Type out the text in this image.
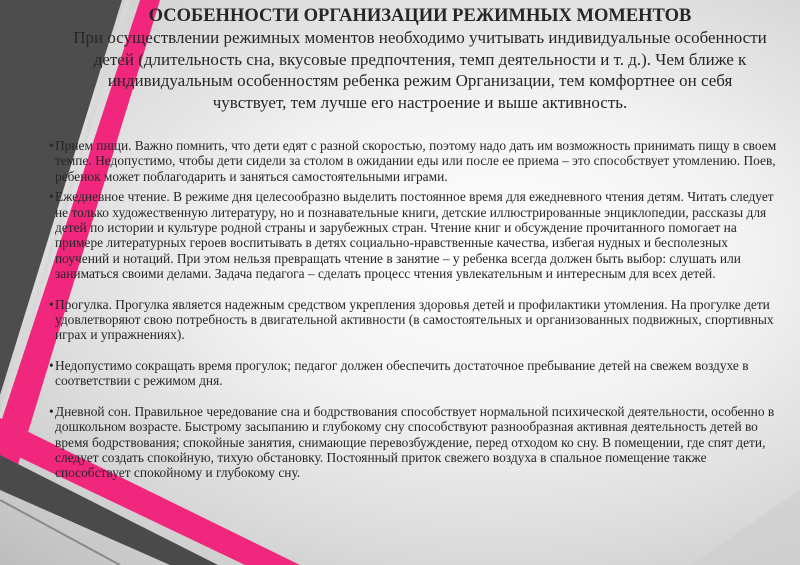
ОСОБЕННОСТИ ОРГАНИЗАЦИИ РЕЖИМНЫХ МОМЕНТОВ
При осуществлении режимных моментов необходимо учитывать индивидуальные особенности детей (длительность сна, вкусовые предпочтения, темп деятельности и т. д.). Чем ближе к индивидуальным особенностям ребенка режим Организации, тем комфортнее он себя чувствует, тем лучше его настроение и выше активность.
•Прием пищи. Важно помнить, что дети едят с разной скоростью, поэтому надо дать им возможность принимать пищу в своем темпе. Недопустимо, чтобы дети сидели за столом в ожидании еды или после ее приема – это способствует утомлению. Поев, ребенок может поблагодарить и заняться самостоятельными играми.
•Ежедневное чтение. В режиме дня целесообразно выделить постоянное время для ежедневного чтения детям. Читать следует не только художественную литературу, но и познавательные книги, детские иллюстрированные энциклопедии, рассказы для детей по истории и культуре родной страны и зарубежных стран. Чтение книг и обсуждение прочитанного помогает на примере литературных героев воспитывать в детях социально-нравственные качества, избегая нудных и бесполезных поучений и нотаций. При этом нельзя превращать чтение в занятие – у ребенка всегда должен быть выбор: слушать или заниматься своими делами. Задача педагога – сделать процесс чтения увлекательным и интересным для всех детей.
•Прогулка. Прогулка является надежным средством укрепления здоровья детей и профилактики утомления. На прогулке дети удовлетворяют свою потребность в двигательной активности (в самостоятельных и организованных подвижных, спортивных играх и упражнениях).
•Недопустимо сокращать время прогулок; педагог должен обеспечить достаточное пребывание детей на свежем воздухе в соответствии с режимом дня.
•Дневной сон. Правильное чередование сна и бодрствования способствует нормальной психической деятельности, особенно в дошкольном возрасте. Быстрому засыпанию и глубокому сну способствуют разнообразная активная деятельность детей во время бодрствования; спокойные занятия, снимающие перевозбуждение, перед отходом ко сну. В помещении, где спят дети, следует создать спокойную, тихую обстановку. Постоянный приток свежего воздуха в спальное помещение также способствует спокойному и глубокому сну.
